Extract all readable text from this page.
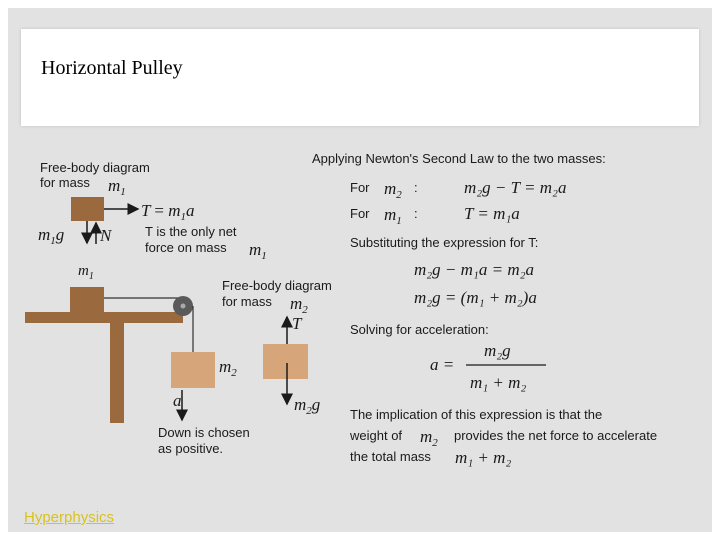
Horizontal Pulley
Free-body diagram
for mass $m_1$
$T = m_1a$
$m_1g$ N	T is the only net
force on mass $m_1$
$m_1$
$m_2$
a
Down is chosen
as positive.
Free-body diagram
for mass $m_2$
T
$m_2g$
Applying Newton's Second Law to the two masses:
For $m_2$ :	m₂g − T = m₂a
For $m_1$ :	T = m₁a
Substituting the expression for T:
m₂g − m₁a = m₂a
m₂g = (m₁ + m₂)a
Solving for acceleration:
a =
m₂g
m₁ + m₂
The implication of this expression is that the
weight of $m_2$ provides the net force to accelerate
the total mass m₁ + m₂
Hyperphysics
